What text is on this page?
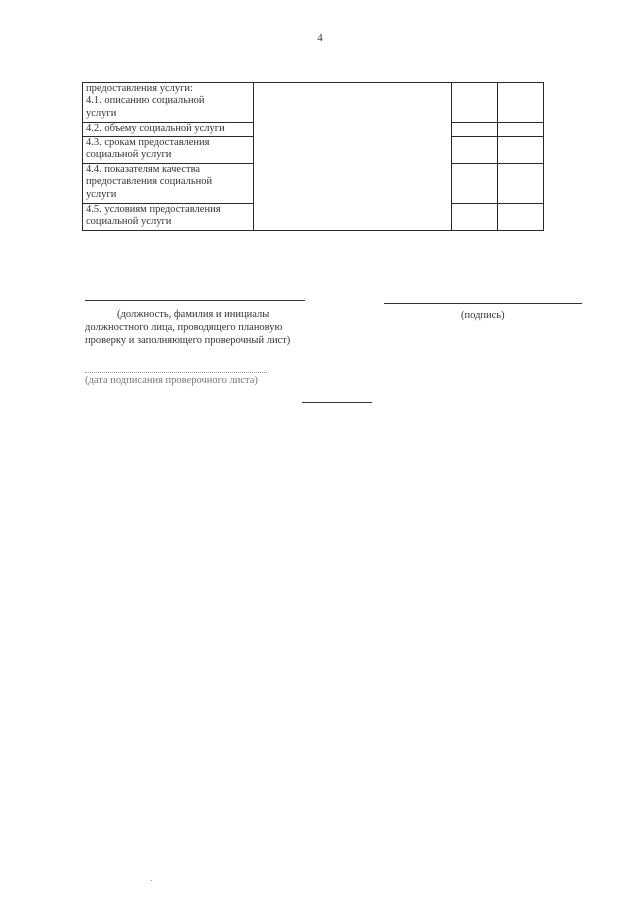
4
предоставления услуги:
4.1. описанию социальной
услуги			

4.2. объему социальной услуги			

4.3. срокам предоставления
социальной услуги			

4.4. показателям качества
предоставления социальной
услуги			

4.5. условиям предоставления
социальной услуги			

(должность, фамилия и инициалы	(подпись)
должностного лица, проводящего плановую
проверку и заполняющего проверочный лист)
(дата подписания проверочного листа)
